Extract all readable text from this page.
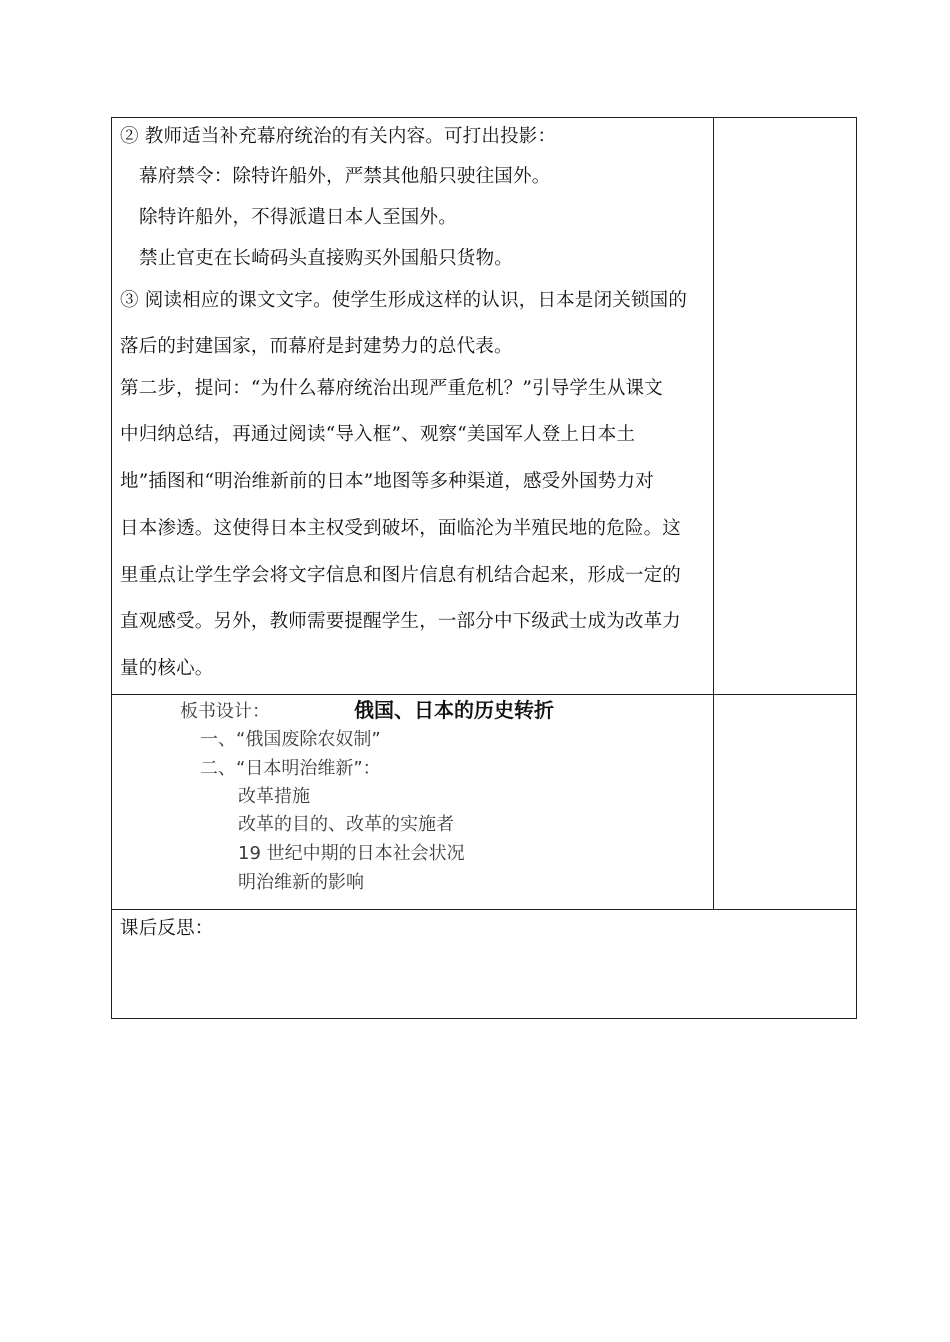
② 教师适当补充幕府统治的有关内容。可打出投影：
幕府禁令：除特许船外，严禁其他船只驶往国外。
除特许船外，不得派遣日本人至国外。
禁止官吏在长崎码头直接购买外国船只货物。
③ 阅读相应的课文文字。使学生形成这样的认识，日本是闭关锁国的
落后的封建国家，而幕府是封建势力的总代表。
第二步，提问：“为什么幕府统治出现严重危机？”引导学生从课文
中归纳总结，再通过阅读“导入框”、观察“美国军人登上日本土
地”插图和“明治维新前的日本”地图等多种渠道，感受外国势力对
日本渗透。这使得日本主权受到破坏，面临沦为半殖民地的危险。这
里重点让学生学会将文字信息和图片信息有机结合起来，形成一定的
直观感受。另外，教师需要提醒学生，一部分中下级武士成为改革力
量的核心。
板书设计：	俄国、日本的历史转折
一、“俄国废除农奴制”
二、“日本明治维新”：
改革措施
改革的目的、改革的实施者
19 世纪中期的日本社会状况
明治维新的影响
课后反思：
